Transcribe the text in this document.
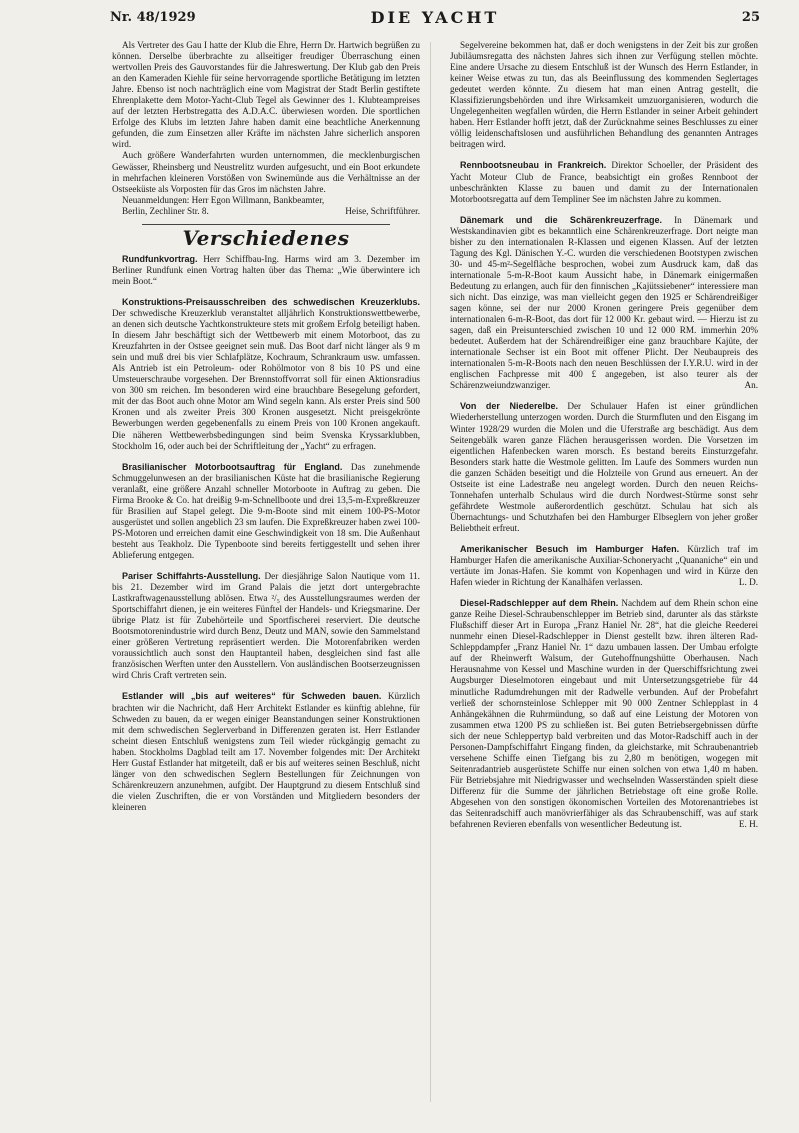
Nr. 48/1929	DIE YACHT	25

Als Vertreter des Gau I hatte der Klub die Ehre, Herrn Dr. Hartwich begrüßen zu können. Derselbe überbrachte zu allseitiger freudiger Überraschung einen wertvollen Preis des Gauvorstandes für die Jahreswertung. Der Klub gab den Preis an den Kameraden Kiehle für seine hervorragende sportliche Betätigung im letzten Jahre. Ebenso ist noch nachträglich eine vom Magistrat der Stadt Berlin gestiftete Ehrenplakette dem Motor-Yacht-Club Tegel als Gewinner des 1. Klubteampreises auf der letzten Herbstregatta des A.D.A.C. überwiesen worden. Die sportlichen Erfolge des Klubs im letzten Jahre haben damit eine beachtliche Anerkennung gefunden, die zum Einsetzen aller Kräfte im nächsten Jahre sicherlich ansporen wird.

Auch größere Wanderfahrten wurden unternommen, die mecklenburgischen Gewässer, Rheinsberg und Neustrelitz wurden aufgesucht, und ein Boot erkundete in mehrfachen kleineren Vorstößen von Swinemünde aus die Verhältnisse an der Ostseeküste als Vorposten für das Gros im nächsten Jahre.

Neuanmeldungen: Herr Egon Willmann, Bankbeamter,

Berlin, Zechliner Str. 8.	Heise, Schriftführer.

Verschiedenes

Rundfunkvortrag. Herr Schiffbau-Ing. Harms wird am 3. Dezember im Berliner Rundfunk einen Vortrag halten über das Thema: „Wie überwintere ich mein Boot.“

Konstruktions-Preisausschreiben des schwedischen Kreuzerklubs. Der schwedische Kreuzerklub veranstaltet alljährlich Konstruktionswettbewerbe, an denen sich deutsche Yachtkonstrukteure stets mit großem Erfolg beteiligt haben. In diesem Jahr beschäftigt sich der Wettbewerb mit einem Motorboot, das zu Kreuzfahrten in der Ostsee geeignet sein muß. Das Boot darf nicht länger als 9 m sein und muß drei bis vier Schlafplätze, Kochraum, Schrankraum usw. umfassen. Als Antrieb ist ein Petroleum- oder Rohölmotor von 8 bis 10 PS und eine Umsteuerschraube vorgesehen. Der Brennstoffvorrat soll für einen Aktionsradius von 300 sm reichen. Im besonderen wird eine brauchbare Besegelung gefordert, mit der das Boot auch ohne Motor am Wind segeln kann. Als erster Preis sind 500 Kronen und als zweiter Preis 300 Kronen ausgesetzt. Nicht preisgekrönte Bewerbungen werden gegebenenfalls zu einem Preis von 100 Kronen angekauft. Die näheren Wettbewerbsbedingungen sind beim Svenska Kryssarklubben, Stockholm 16, oder auch bei der Schriftleitung der „Yacht“ zu erfragen.

Brasilianischer Motorbootsauftrag für England. Das zunehmende Schmuggelunwesen an der brasilianischen Küste hat die brasilianische Regierung veranlaßt, eine größere Anzahl schneller Motorboote in Auftrag zu geben. Die Firma Brooke & Co. hat dreißig 9-m-Schnellboote und drei 13,5-m-Expreßkreuzer für Brasilien auf Stapel gelegt. Die 9-m-Boote sind mit einem 100-PS-Motor ausgerüstet und sollen angeblich 23 sm laufen. Die Expreßkreuzer haben zwei 100-PS-Motoren und erreichen damit eine Geschwindigkeit von 18 sm. Die Außenhaut besteht aus Teakholz. Die Typenboote sind bereits fertiggestellt und sehen ihrer Ablieferung entgegen.

Pariser Schiffahrts-Ausstellung. Der diesjährige Salon Nautique vom 11. bis 21. Dezember wird im Grand Palais die jetzt dort untergebrachte Lastkraftwagenausstellung ablösen. Etwa ²/₅ des Ausstellungsraumes werden der Sportschiffahrt dienen, je ein weiteres Fünftel der Handels- und Kriegsmarine. Der übrige Platz ist für Zubehörteile und Sportfischerei reserviert. Die deutsche Bootsmotorenindustrie wird durch Benz, Deutz und MAN, sowie den Sammelstand einer größeren Vertretung repräsentiert werden. Die Motorenfabriken werden voraussichtlich auch sonst den Hauptanteil haben, desgleichen sind fast alle französischen Werften unter den Ausstellern. Von ausländischen Bootserzeugnissen wird Chris Craft vertreten sein.

Estlander will „bis auf weiteres“ für Schweden bauen. Kürzlich brachten wir die Nachricht, daß Herr Architekt Estlander es künftig ablehne, für Schweden zu bauen, da er wegen einiger Beanstandungen seiner Konstruktionen mit dem schwedischen Seglerverband in Differenzen geraten ist. Herr Estlander scheint diesen Entschluß wenigstens zum Teil wieder rückgängig gemacht zu haben. Stockholms Dagblad teilt am 17. November folgendes mit: Der Architekt Herr Gustaf Estlander hat mitgeteilt, daß er bis auf weiteres seinen Beschluß, nicht länger von den schwedischen Seglern Bestellungen für Zeichnungen von Schärenkreuzern anzunehmen, aufgibt. Der Hauptgrund zu diesem Entschluß sind die vielen Zuschriften, die er von Vorständen und Mitgliedern besonders der kleineren

Segelvereine bekommen hat, daß er doch wenigstens in der Zeit bis zur großen Jubiläumsregatta des nächsten Jahres sich ihnen zur Verfügung stellen möchte. Eine andere Ursache zu diesem Entschluß ist der Wunsch des Herrn Estlander, in keiner Weise etwas zu tun, das als Beeinflussung des kommenden Seglertages gedeutet werden könnte. Zu diesem hat man einen Antrag gestellt, die Klassifizierungsbehörden und ihre Wirksamkeit umzuorganisieren, wodurch die Ungelegenheiten wegfallen würden, die Herrn Estlander in seiner Arbeit gehindert haben. Herr Estlander hofft jetzt, daß der Zurücknahme seines Beschlusses zu einer völlig leidenschaftslosen und ausführlichen Behandlung des genannten Antrages beitragen wird.

Rennbootsneubau in Frankreich. Direktor Schoeller, der Präsident des Yacht Moteur Club de France, beabsichtigt ein großes Rennboot der unbeschränkten Klasse zu bauen und damit zu der Internationalen Motorbootsregatta auf dem Templiner See im nächsten Jahre zu kommen.

Dänemark und die Schärenkreuzerfrage. In Dänemark und Westskandinavien gibt es bekanntlich eine Schärenkreuzerfrage. Dort neigte man bisher zu den internationalen R-Klassen und eigenen Klassen. Auf der letzten Tagung des Kgl. Dänischen Y.-C. wurden die verschiedenen Bootstypen zwischen 30- und 45-m²-Segelfläche besprochen, wobei zum Ausdruck kam, daß das internationale 5-m-R-Boot kaum Aussicht habe, in Dänemark einigermaßen Bedeutung zu erlangen, auch für den finnischen „Kajütssiebener“ interessiere man sich nicht. Das einzige, was man vielleicht gegen den 1925 er Schärendreißiger sagen könne, sei der nur 2000 Kronen geringere Preis gegenüber dem internationalen 6-m-R-Boot, das dort für 12 000 Kr. gebaut wird. — Hierzu ist zu sagen, daß ein Preisunterschied zwischen 10 und 12 000 RM. immerhin 20% bedeutet. Außerdem hat der Schärendreißiger eine ganz brauchbare Kajüte, der internationale Sechser ist ein Boot mit offener Plicht. Der Neubaupreis des internationalen 5-m-R-Boots nach den neuen Beschlüssen der I.Y.R.U. wird in der englischen Fachpresse mit 400 £ angegeben, ist also teurer als der Schärenzweiundzwanziger.	An.

Von der Niederelbe. Der Schulauer Hafen ist einer gründlichen Wiederherstellung unterzogen worden. Durch die Sturmfluten und den Eisgang im Winter 1928/29 wurden die Molen und die Uferstraße arg beschädigt. Aus dem Seitengebälk waren ganze Flächen herausgerissen worden. Die Vorsetzen im eigentlichen Hafenbecken waren morsch. Es bestand bereits Einsturzgefahr. Besonders stark hatte die Westmole gelitten. Im Laufe des Sommers wurden nun die ganzen Schäden beseitigt und die Holzteile von Grund aus erneuert. An der Ostseite ist eine Ladestraße neu angelegt worden. Durch den neuen Reichs-Tonnehafen unterhalb Schulaus wird die durch Nordwest-Stürme sonst sehr gefährdete Westmole außerordentlich geschützt. Schulau hat sich als Übernachtungs- und Schutzhafen bei den Hamburger Elbseglern von jeher großer Beliebtheit erfreut.

Amerikanischer Besuch im Hamburger Hafen. Kürzlich traf im Hamburger Hafen die amerikanische Auxiliar-Schoneryacht „Quananiche“ ein und vertäute im Jonas-Hafen. Sie kommt von Kopenhagen und wird in Kürze den Hafen wieder in Richtung der Kanalhäfen verlassen.	L. D.

Diesel-Radschlepper auf dem Rhein. Nachdem auf dem Rhein schon eine ganze Reihe Diesel-Schraubenschlepper im Betrieb sind, darunter als das stärkste Flußschiff dieser Art in Europa „Franz Haniel Nr. 28“, hat die gleiche Reederei nunmehr einen Diesel-Radschlepper in Dienst gestellt bzw. ihren älteren Rad-Schleppdampfer „Franz Haniel Nr. 1“ dazu umbauen lassen. Der Umbau erfolgte auf der Rheinwerft Walsum, der Gutehoffnungshütte Oberhausen. Nach Herausnahme von Kessel und Maschine wurden in der Querschiffsrichtung zwei Augsburger Dieselmotoren eingebaut und mit Untersetzungsgetriebe für 44 minutliche Radumdrehungen mit der Radwelle verbunden. Auf der Probefahrt verließ der schornsteinlose Schlepper mit 90 000 Zentner Schlepplast in 4 Anhängekähnen die Ruhrmündung, so daß auf eine Leistung der Motoren von zusammen etwa 1200 PS zu schließen ist. Bei guten Betriebsergebnissen dürfte sich der neue Schleppertyp bald verbreiten und das Motor-Radschiff auch in der Personen-Dampfschiffahrt Eingang finden, da gleichstarke, mit Schraubenantrieb versehene Schiffe einen Tiefgang bis zu 2,80 m benötigen, wogegen mit Seitenradantrieb ausgerüstete Schiffe nur einen solchen von etwa 1,40 m haben. Für Betriebsjahre mit Niedrigwasser und wechselnden Wasserständen spielt diese Differenz für die Summe der jährlichen Betriebstage oft eine große Rolle. Abgesehen von den sonstigen ökonomischen Vorteilen des Motorenantriebes ist das Seitenradschiff auch manövrierfähiger als das Schraubenschiff, was auf stark befahrenen Revieren ebenfalls von wesentlicher Bedeutung ist.	E. H.
